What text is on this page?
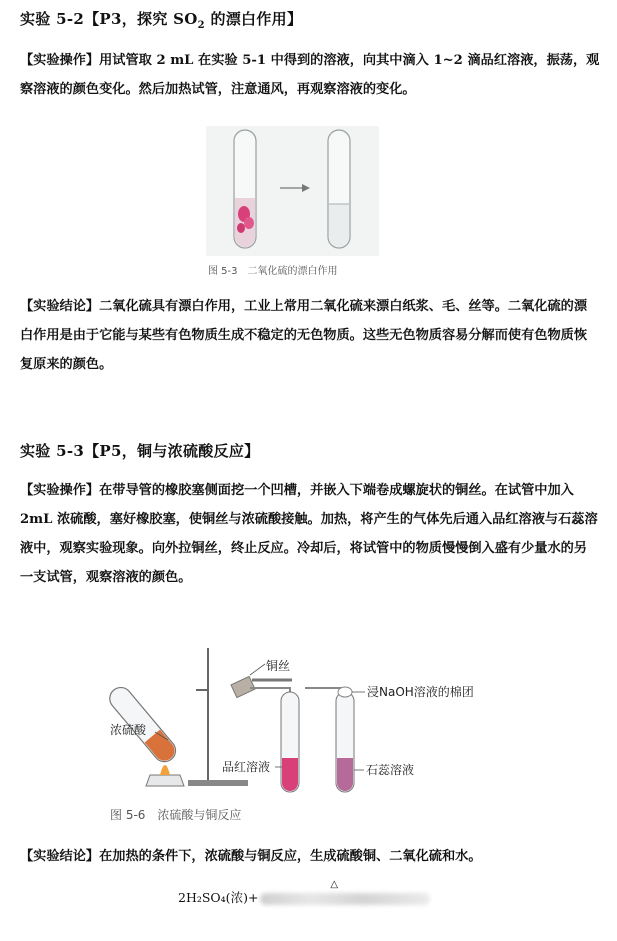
实验 5-2【P3，探究 $SO_2$ 的漂白作用】
【实验操作】用试管取 2 mL 在实验 5-1 中得到的溶液，向其中滴入 1~2 滴品红溶液，振荡，观察溶液的颜色变化。然后加热试管，注意通风，再观察溶液的变化。
图 5-3　二氧化硫的漂白作用
【实验结论】二氧化硫具有漂白作用，工业上常用二氧化硫来漂白纸浆、毛、丝等。二氧化硫的漂白作用是由于它能与某些有色物质生成不稳定的无色物质。这些无色物质容易分解而使有色物质恢复原来的颜色。
实验 5-3【P5，铜与浓硫酸反应】
【实验操作】在带导管的橡胶塞侧面挖一个凹槽，并嵌入下端卷成螺旋状的铜丝。在试管中加入 2mL 浓硫酸，塞好橡胶塞，使铜丝与浓硫酸接触。加热，将产生的气体先后通入品红溶液与石蕊溶液中，观察实验现象。向外拉铜丝，终止反应。冷却后，将试管中的物质慢慢倒入盛有少量水的另一支试管，观察溶液的颜色。
铜丝
浸NaOH溶液的棉团
浓硫酸
品红溶液	石蕊溶液
图 5-6　浓硫酸与铜反应
【实验结论】在加热的条件下，浓硫酸与铜反应，生成硫酸铜、二氧化硫和水。
2H₂SO₄(浓)+
△
